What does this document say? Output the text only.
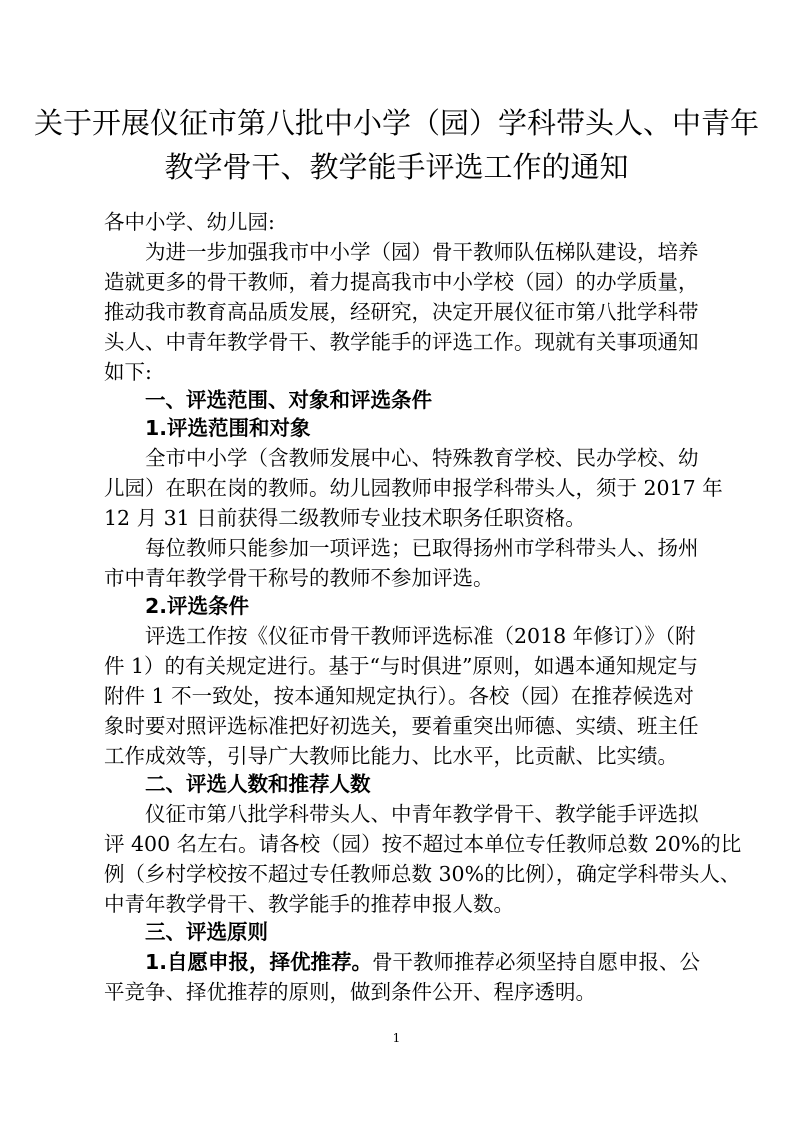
关于开展仪征市第八批中小学（园）学科带头人、中青年
教学骨干、教学能手评选工作的通知
各中小学、幼儿园:
为进一步加强我市中小学（园）骨干教师队伍梯队建设，培养
造就更多的骨干教师，着力提高我市中小学校（园）的办学质量，
推动我市教育高品质发展，经研究，决定开展仪征市第八批学科带
头人、中青年教学骨干、教学能手的评选工作。现就有关事项通知
如下:
一、评选范围、对象和评选条件
1.评选范围和对象
全市中小学（含教师发展中心、特殊教育学校、民办学校、幼
儿园）在职在岗的教师。幼儿园教师申报学科带头人，须于 2017 年
12 月 31 日前获得二级教师专业技术职务任职资格。
每位教师只能参加一项评选；已取得扬州市学科带头人、扬州
市中青年教学骨干称号的教师不参加评选。
2.评选条件
评选工作按《仪征市骨干教师评选标准（2018 年修订）》（附
件 1）的有关规定进行。基于“与时俱进”原则，如遇本通知规定与
附件 1 不一致处，按本通知规定执行）。各校（园）在推荐候选对
象时要对照评选标准把好初选关，要着重突出师德、实绩、班主任
工作成效等，引导广大教师比能力、比水平，比贡献、比实绩。
二、评选人数和推荐人数
仪征市第八批学科带头人、中青年教学骨干、教学能手评选拟
评 400 名左右。请各校（园）按不超过本单位专任教师总数 20%的比
例（乡村学校按不超过专任教师总数 30%的比例），确定学科带头人、
中青年教学骨干、教学能手的推荐申报人数。
三、评选原则
1.自愿申报，择优推荐。骨干教师推荐必须坚持自愿申报、公
平竞争、择优推荐的原则，做到条件公开、程序透明。
1
